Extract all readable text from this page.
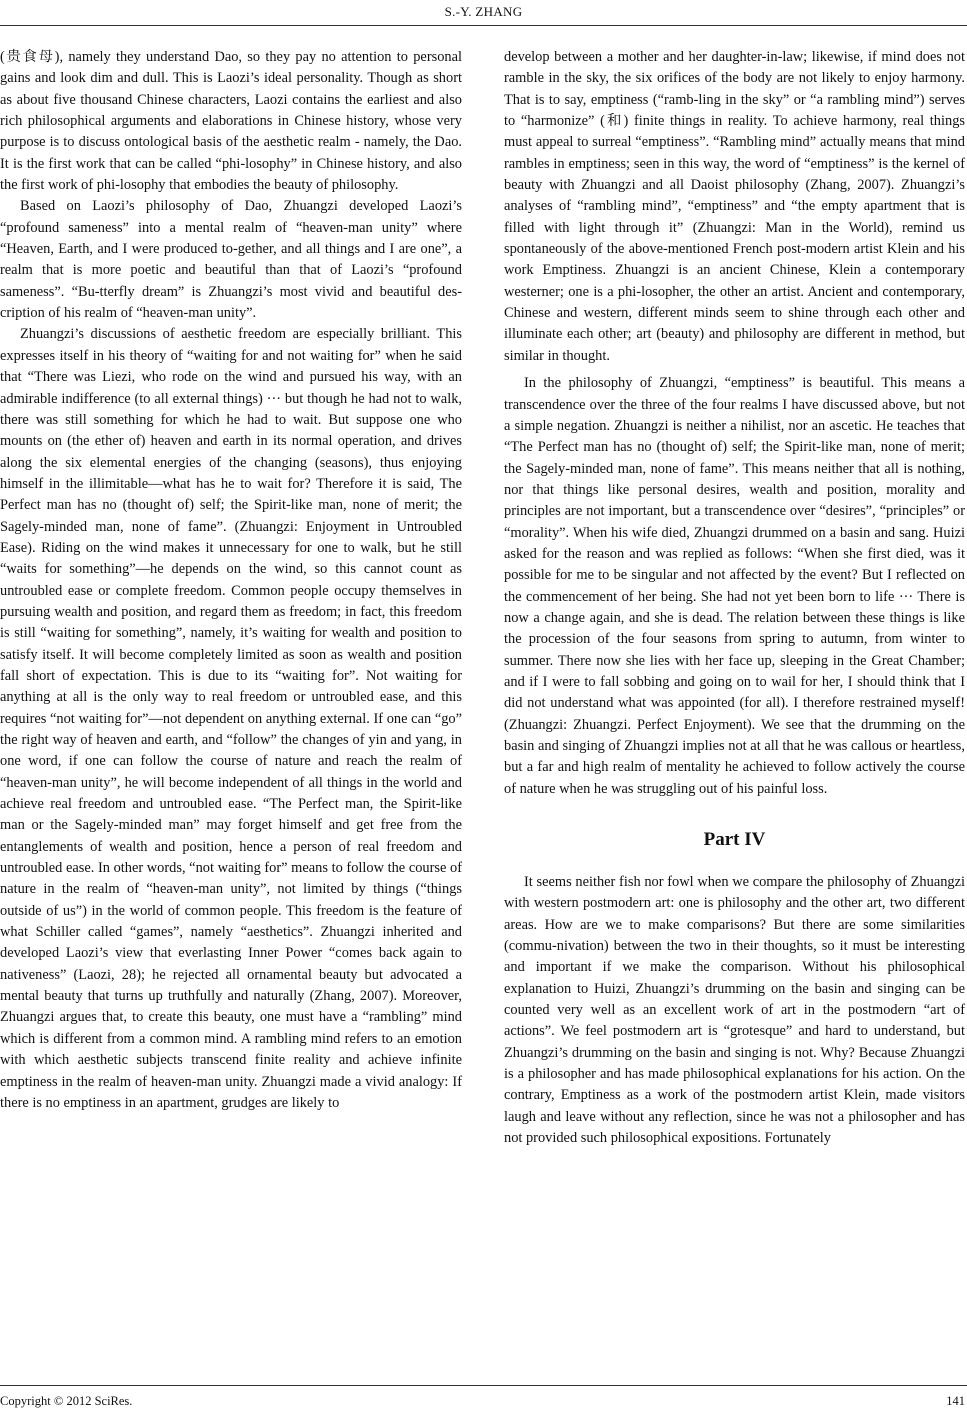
S.-Y. ZHANG

(贵食母), namely they understand Dao, so they pay no attention to personal gains and look dim and dull. This is Laozi’s ideal personality. Though as short as about five thousand Chinese characters, Laozi contains the earliest and also rich philosophical arguments and elaborations in Chinese history, whose very purpose is to discuss ontological basis of the aesthetic realm - namely, the Dao. It is the first work that can be called “phi-losophy” in Chinese history, and also the first work of phi-losophy that embodies the beauty of philosophy.

Based on Laozi’s philosophy of Dao, Zhuangzi developed Laozi’s “profound sameness” into a mental realm of “heaven-man unity” where “Heaven, Earth, and I were produced to-gether, and all things and I are one”, a realm that is more poetic and beautiful than that of Laozi’s “profound sameness”. “Bu-tterfly dream” is Zhuangzi’s most vivid and beautiful des-cription of his realm of “heaven-man unity”.

Zhuangzi’s discussions of aesthetic freedom are especially brilliant. This expresses itself in his theory of “waiting for and not waiting for” when he said that “There was Liezi, who rode on the wind and pursued his way, with an admirable indifference (to all external things) ··· but though he had not to walk, there was still something for which he had to wait. But suppose one who mounts on (the ether of) heaven and earth in its normal operation, and drives along the six elemental energies of the changing (seasons), thus enjoying himself in the illimitable—what has he to wait for? Therefore it is said, The Perfect man has no (thought of) self; the Spirit-like man, none of merit; the Sagely-minded man, none of fame”. (Zhuangzi: Enjoyment in Untroubled Ease). Riding on the wind makes it unnecessary for one to walk, but he still “waits for something”—he depends on the wind, so this cannot count as untroubled ease or complete freedom. Common people occupy themselves in pursuing wealth and position, and regard them as freedom; in fact, this freedom is still “waiting for something”, namely, it’s waiting for wealth and position to satisfy itself. It will become completely limited as soon as wealth and position fall short of expectation. This is due to its “waiting for”. Not waiting for anything at all is the only way to real freedom or untroubled ease, and this requires “not waiting for”—not dependent on anything external. If one can “go” the right way of heaven and earth, and “follow” the changes of yin and yang, in one word, if one can follow the course of nature and reach the realm of “heaven-man unity”, he will become independent of all things in the world and achieve real freedom and untroubled ease. “The Perfect man, the Spirit-like man or the Sagely-minded man” may forget himself and get free from the entanglements of wealth and position, hence a person of real freedom and untroubled ease. In other words, “not waiting for” means to follow the course of nature in the realm of “heaven-man unity”, not limited by things (“things outside of us”) in the world of common people. This freedom is the feature of what Schiller called “games”, namely “aesthetics”. Zhuangzi inherited and developed Laozi’s view that everlasting Inner Power “comes back again to nativeness” (Laozi, 28); he rejected all ornamental beauty but advocated a mental beauty that turns up truthfully and naturally (Zhang, 2007). Moreover, Zhuangzi argues that, to create this beauty, one must have a “rambling” mind which is different from a common mind. A rambling mind refers to an emotion with which aesthetic subjects transcend finite reality and achieve infinite emptiness in the realm of heaven-man unity. Zhuangzi made a vivid analogy: If there is no emptiness in an apartment, grudges are likely to

develop between a mother and her daughter-in-law; likewise, if mind does not ramble in the sky, the six orifices of the body are not likely to enjoy harmony. That is to say, emptiness (“ramb-ling in the sky” or “a rambling mind”) serves to “harmonize” (和) finite things in reality. To achieve harmony, real things must appeal to surreal “emptiness”. “Rambling mind” actually means that mind rambles in emptiness; seen in this way, the word of “emptiness” is the kernel of beauty with Zhuangzi and all Daoist philosophy (Zhang, 2007). Zhuangzi’s analyses of “rambling mind”, “emptiness” and “the empty apartment that is filled with light through it” (Zhuangzi: Man in the World), remind us spontaneously of the above-mentioned French post-modern artist Klein and his work Emptiness. Zhuangzi is an ancient Chinese, Klein a contemporary westerner; one is a phi-losopher, the other an artist. Ancient and contemporary, Chinese and western, different minds seem to shine through each other and illuminate each other; art (beauty) and philosophy are different in method, but similar in thought.

In the philosophy of Zhuangzi, “emptiness” is beautiful. This means a transcendence over the three of the four realms I have discussed above, but not a simple negation. Zhuangzi is neither a nihilist, nor an ascetic. He teaches that “The Perfect man has no (thought of) self; the Spirit-like man, none of merit; the Sagely-minded man, none of fame”. This means neither that all is nothing, nor that things like personal desires, wealth and position, morality and principles are not important, but a transcendence over “desires”, “principles” or “morality”. When his wife died, Zhuangzi drummed on a basin and sang. Huizi asked for the reason and was replied as follows: “When she first died, was it possible for me to be singular and not affected by the event? But I reflected on the commencement of her being. She had not yet been born to life ··· There is now a change again, and she is dead. The relation between these things is like the procession of the four seasons from spring to autumn, from winter to summer. There now she lies with her face up, sleeping in the Great Chamber; and if I were to fall sobbing and going on to wail for her, I should think that I did not understand what was appointed (for all). I therefore restrained myself! (Zhuangzi: Zhuangzi. Perfect Enjoyment). We see that the drumming on the basin and singing of Zhuangzi implies not at all that he was callous or heartless, but a far and high realm of mentality he achieved to follow actively the course of nature when he was struggling out of his painful loss.

Part IV

It seems neither fish nor fowl when we compare the philosophy of Zhuangzi with western postmodern art: one is philosophy and the other art, two different areas. How are we to make comparisons? But there are some similarities (commu-nivation) between the two in their thoughts, so it must be interesting and important if we make the comparison. Without his philosophical explanation to Huizi, Zhuangzi’s drumming on the basin and singing can be counted very well as an excellent work of art in the postmodern “art of actions”. We feel postmodern art is “grotesque” and hard to understand, but Zhuangzi’s drumming on the basin and singing is not. Why? Because Zhuangzi is a philosopher and has made philosophical explanations for his action. On the contrary, Emptiness as a work of the postmodern artist Klein, made visitors laugh and leave without any reflection, since he was not a philosopher and has not provided such philosophical expositions. Fortunately

Copyright © 2012 SciRes.	141
